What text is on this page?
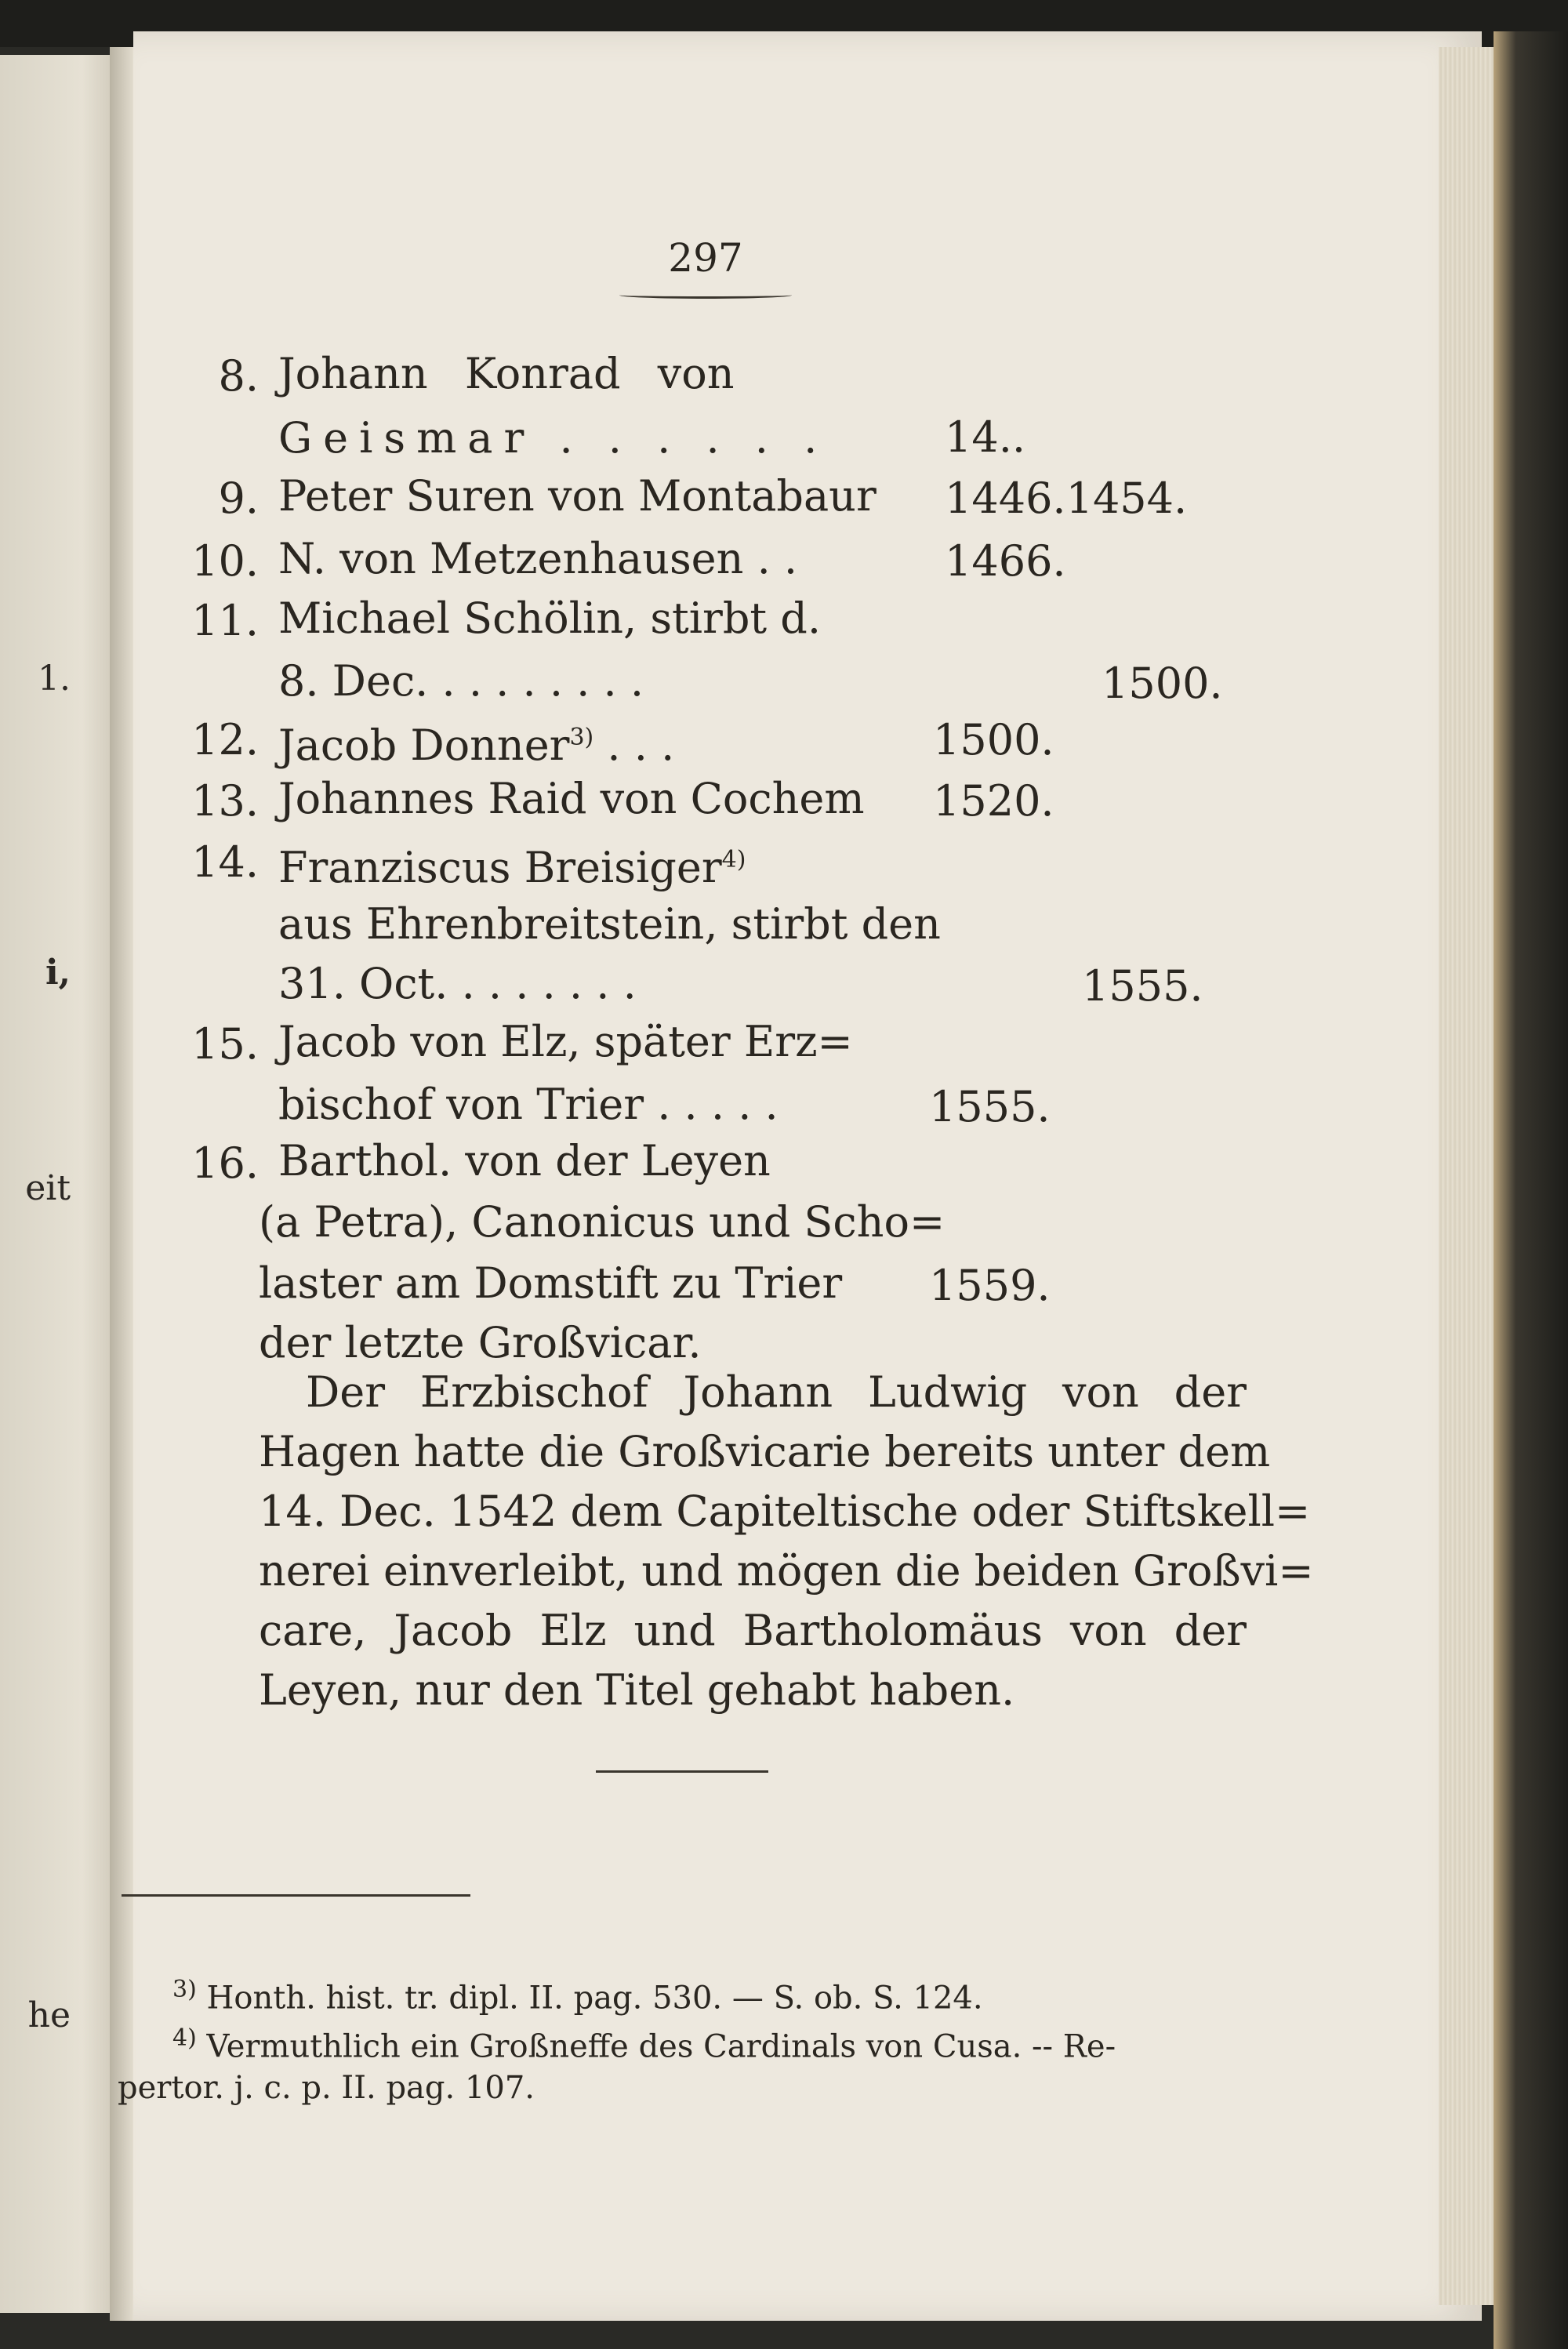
1.
i,
eit
he
297
8. Johann Konrad von
Geismar . . . . . .	14..
9. Peter Suren von Montabaur 1446.1454.
10. N. von Metzenhausen . .	1466.
11. Michael Schölin, stirbt d.
8. Dec. . . . . . . . .	1500.
12. Jacob Donner$^{3)}$ . . .	1500.
13. Johannes Raid von Cochem 1520.
14. Franziscus Breisiger$^{4)}$
aus Ehrenbreitstein, stirbt den
31. Oct. . . . . . . .	1555.
15. Jacob von Elz, später Erz=
bischof von Trier . . . . .	1555.
16. Barthol. von der Leyen
(a Petra), Canonicus und Scho=
laster am Domstift zu Trier
der letzte Großvicar.
1559.
Der Erzbischof Johann Ludwig von der
Hagen hatte die Großvicarie bereits unter dem
14. Dec. 1542 dem Capiteltische oder Stiftskell=
nerei einverleibt, und mögen die beiden Großvi=
care, Jacob Elz und Bartholomäus von der
Leyen, nur den Titel gehabt haben.
$^{3)}$ Honth. hist. tr. dipl. II. pag. 530. — S. ob. S. 124.
$^{4)}$ Vermuthlich ein Großneffe des Cardinals von Cusa. -- Re-
pertor. j. c. p. II. pag. 107.
